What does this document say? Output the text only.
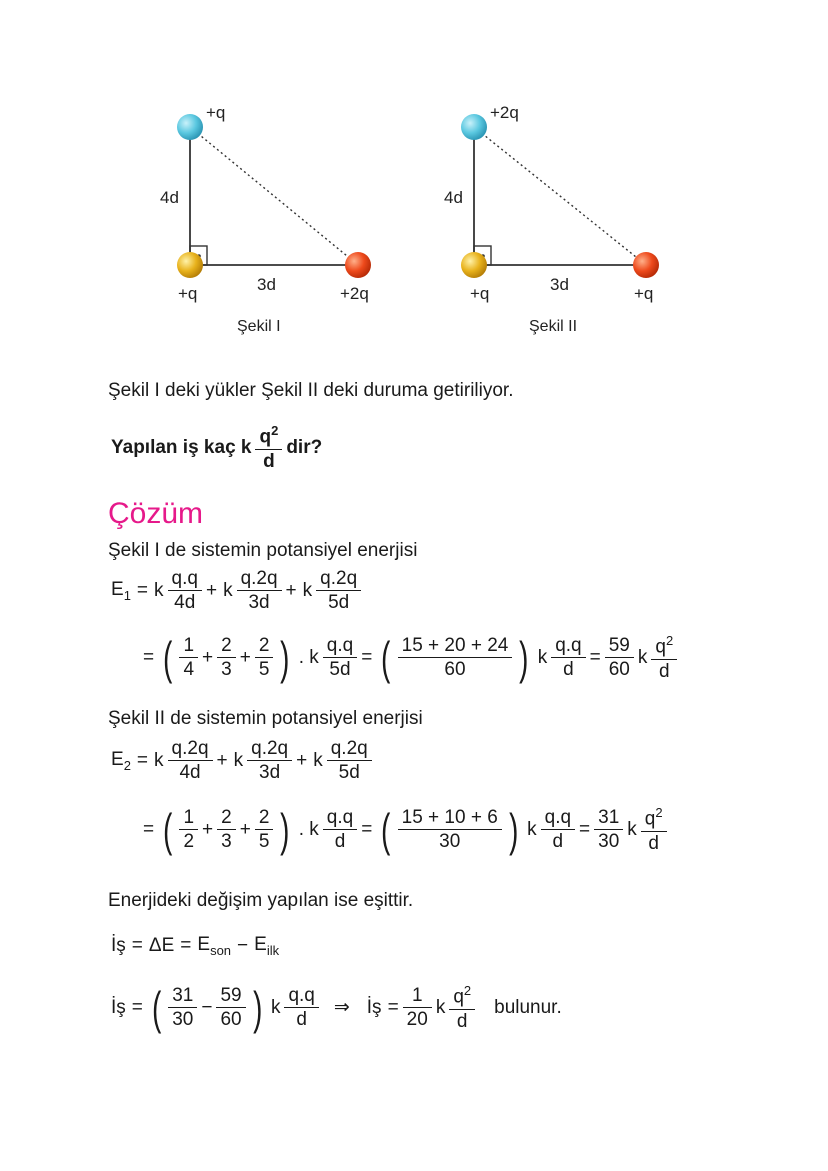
+q
4d
+q	3d	+2q
Şekil I
+2q
4d
+q	3d	+q
Şekil II
Şekil I deki yükler Şekil II deki duruma getiriliyor.
Yapılan iş kaç k $\frac{q^2}{d}$ dir?
Çözüm
Şekil I de sistemin potansiyel enerjisi
$E_1 = k \frac{q.q}{4d} + k \frac{q.2q}{3d} + k \frac{q.2q}{5d}$
= ( $\frac{1}{4} + \frac{2}{3} + \frac{2}{5}$ ) . k $\frac{q.q}{5d}$ = ( $\frac{15 + 20 + 24}{60}$ ) k $\frac{q.q}{d} = \frac{59}{60}$ k $\frac{q^2}{d}$
Şekil II de sistemin potansiyel enerjisi
$E_2 = k \frac{q.2q}{4d} + k \frac{q.2q}{3d} + k \frac{q.2q}{5d}$
= ( $\frac{1}{2} + \frac{2}{3} + \frac{2}{5}$ ) . k $\frac{q.q}{d}$ = ( $\frac{15 + 10 + 6}{30}$ ) k $\frac{q.q}{d} = \frac{31}{30}$ k $\frac{q^2}{d}$
Enerjideki değişim yapılan ise eşittir.
İş = $\Delta E = E_{son} - E_{ilk}$
İş = ( $\frac{31}{30} - \frac{59}{60}$ ) k $\frac{q.q}{d}$ ⇒ İş = $\frac{1}{20}$ k $\frac{q^2}{d}$ bulunur.
